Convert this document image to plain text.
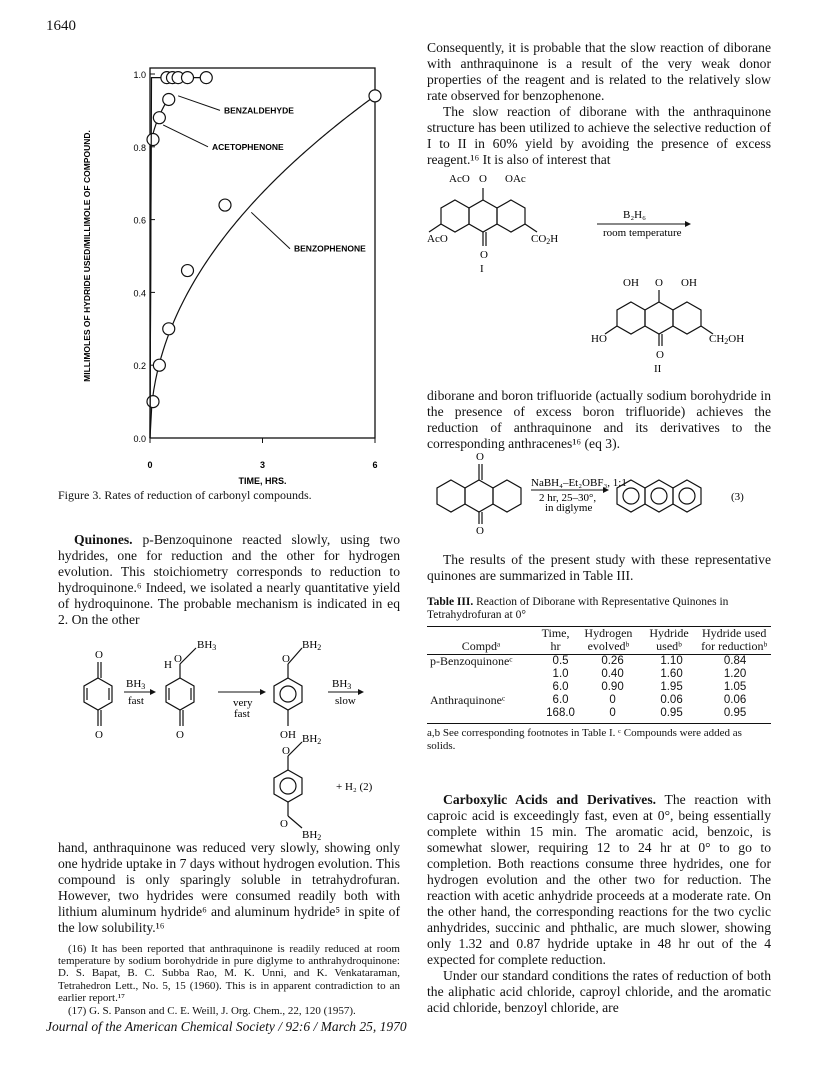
1640
0.0
0.2
0.4
0.6
0.8
1.0
0	3	6
TIME, HRS.
MILLIMOLES OF HYDRIDE USED/MILLIMOLE OF COMPOUND.
BENZALDEHYDE
ACETOPHENONE
BENZOPHENONE
Figure 3. Rates of reduction of carbonyl compounds.

Quinones. p-Benzoquinone reacted slowly, using two hydrides, one for reduction and the other for hydrogen evolution. This stoichiometry corresponds to reduction to hydroquinone.⁶ Indeed, we isolated a nearly quantitative yield of hydroquinone. The probable mechanism is indicated in eq 2. On the other

O
O
BH3
fast
O
BH3
H
O
very
fast
O
BH2
OH
BH3
slow
O
BH2
O
BH2
+ H₂ (2)

hand, anthraquinone was reduced very slowly, showing only one hydride uptake in 7 days without hydrogen evolution. This compound is only sparingly soluble in tetrahydrofuran. However, two hydrides were consumed readily both with lithium aluminum hydride⁶ and aluminum hydride⁵ in spite of the low solubility.¹⁶

(16) It has been reported that anthraquinone is readily reduced at room temperature by sodium borohydride in pure diglyme to anthrahydroquinone: D. S. Bapat, B. C. Subba Rao, M. K. Unni, and K. Venkataraman, Tetrahedron Lett., No. 5, 15 (1960). This is in apparent contradiction to an earlier report.¹⁷

(17) G. S. Panson and C. E. Weill, J. Org. Chem., 22, 120 (1957).

Consequently, it is probable that the slow reaction of diborane with anthraquinone is a result of the very weak donor properties of the reagent and is related to the relatively slow rate observed for benzophenone.

The slow reaction of diborane with the anthraquinone structure has been utilized to achieve the selective reduction of I to II in 60% yield by avoiding the presence of excess reagent.¹⁶ It is also of interest that

AcO O OAc
AcO	CO2H
O
I
B₂H₆
room temperature
OH O OH
HO	CH2OH
O
II

diborane and boron trifluoride (actually sodium borohydride in the presence of excess boron trifluoride) achieves the reduction of anthraquinone and its derivatives to the corresponding anthracenes¹⁶ (eq 3).

O
O
NaBH₄–Et₂OBF₃, 1:1
2 hr, 25–30°,
in diglyme
(3)

The results of the present study with these representative quinones are summarized in Table III.

Table III. Reaction of Diborane with Representative Quinones in Tetrahydrofuran at 0°
Compdᵃ	Time, hr	Hydrogen evolvedᵇ	Hydride usedᵇ	Hydride used for reductionᵇ
p-Benzoquinoneᶜ	0.5	0.26	1.10	0.84
	1.0	0.40	1.60	1.20
	6.0	0.90	1.95	1.05
Anthraquinoneᶜ	6.0	0	0.06	0.06
	168.0	0	0.95	0.95
a,b See corresponding footnotes in Table I. ᶜ Compounds were added as solids.

Carboxylic Acids and Derivatives. The reaction with caproic acid is exceedingly fast, even at 0°, being essentially complete within 15 min. The aromatic acid, benzoic, is somewhat slower, requiring 12 to 24 hr at 0° to go to completion. Both reactions consume three hydrides, one for hydrogen evolution and the other two for reduction. The reaction with acetic anhydride proceeds at a moderate rate. On the other hand, the corresponding reactions for the two cyclic anhydrides, succinic and phthalic, are much slower, showing only 1.32 and 0.87 hydride uptake in 48 hr out of the 4 expected for complete reduction.

Under our standard conditions the rates of reduction of both the aliphatic acid chloride, caproyl chloride, and the aromatic acid chloride, benzoyl chloride, are

Journal of the American Chemical Society / 92:6 / March 25, 1970
